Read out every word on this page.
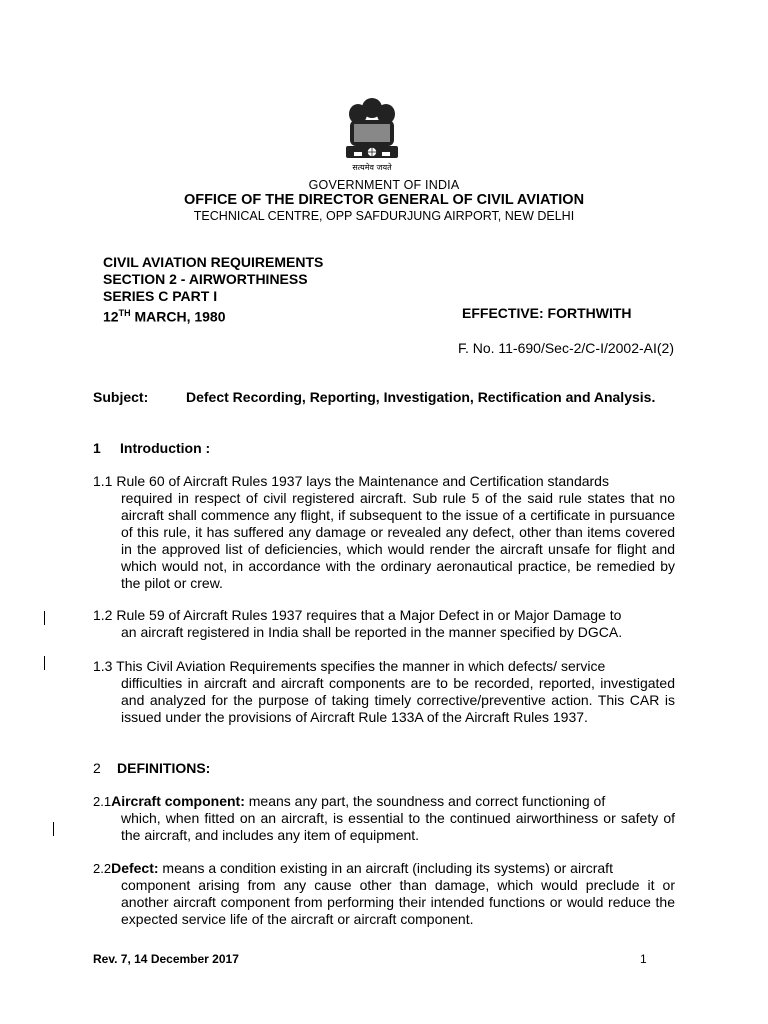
सत्यमेव जयते
GOVERNMENT OF INDIA
OFFICE OF THE DIRECTOR GENERAL OF CIVIL AVIATION
TECHNICAL CENTRE, OPP SAFDURJUNG AIRPORT, NEW DELHI
CIVIL AVIATION REQUIREMENTS
SECTION 2 - AIRWORTHINESS
SERIES C PART I
12TH MARCH, 1980	EFFECTIVE: FORTHWITH
F. No. 11-690/Sec-2/C-I/2002-AI(2)
Subject:	Defect Recording, Reporting, Investigation, Rectification and Analysis.
1 Introduction :
1.1 Rule 60 of Aircraft Rules 1937 lays the Maintenance and Certification standards
required in respect of civil registered aircraft. Sub rule 5 of the said rule states that no aircraft shall commence any flight, if subsequent to the issue of a certificate in pursuance of this rule, it has suffered any damage or revealed any defect, other than items covered in the approved list of deficiencies, which would render the aircraft unsafe for flight and which would not, in accordance with the ordinary aeronautical practice, be remedied by the pilot or crew.
1.2 Rule 59 of Aircraft Rules 1937 requires that a Major Defect in or Major Damage to
an aircraft registered in India shall be reported in the manner specified by DGCA.
1.3 This Civil Aviation Requirements specifies the manner in which defects/ service
difficulties in aircraft and aircraft components are to be recorded, reported, investigated and analyzed for the purpose of taking timely corrective/preventive action. This CAR is issued under the provisions of Aircraft Rule 133A of the Aircraft Rules 1937.
2 DEFINITIONS:
2.1Aircraft component: means any part, the soundness and correct functioning of
which, when fitted on an aircraft, is essential to the continued airworthiness or safety of the aircraft, and includes any item of equipment.
2.2Defect: means a condition existing in an aircraft (including its systems) or aircraft
component arising from any cause other than damage, which would preclude it or another aircraft component from performing their intended functions or would reduce the expected service life of the aircraft or aircraft component.
Rev. 7, 14 December 2017	1
